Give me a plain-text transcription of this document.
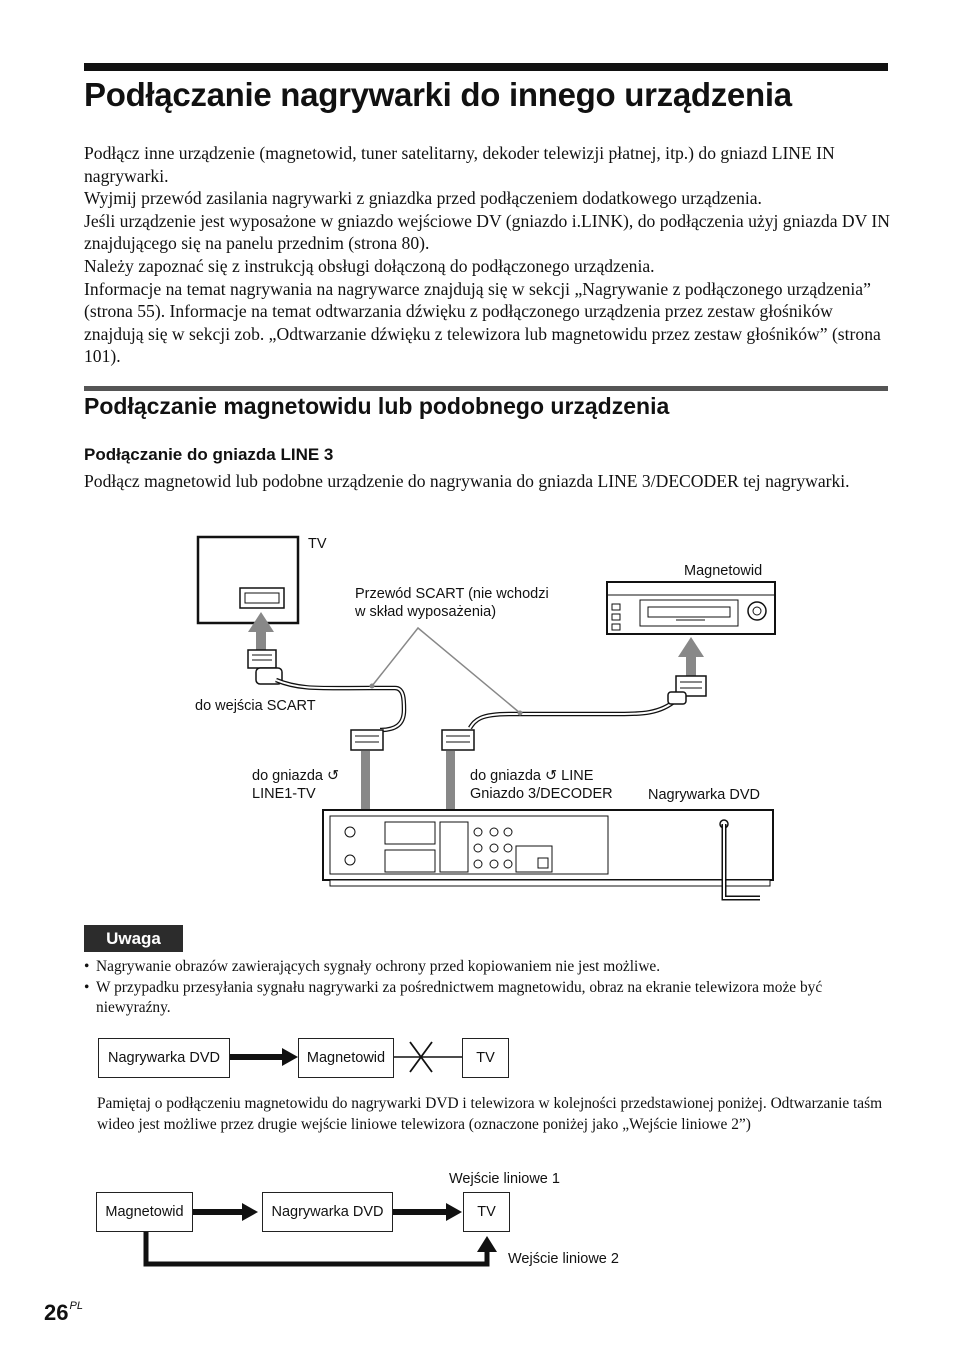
Podłączanie nagrywarki do innego urządzenia

Podłącz inne urządzenie (magnetowid, tuner satelitarny, dekoder telewizji płatnej, itp.) do gniazd LINE IN nagrywarki.

Wyjmij przewód zasilania nagrywarki z gniazdka przed podłączeniem dodatkowego urządzenia.

Jeśli urządzenie jest wyposażone w gniazdo wejściowe DV (gniazdo i.LINK), do podłączenia użyj gniazda DV IN znajdującego się na panelu przednim (strona 80).

Należy zapoznać się z instrukcją obsługi dołączoną do podłączonego urządzenia.

Informacje na temat nagrywania na nagrywarce znajdują się w sekcji „Nagrywanie z podłączonego urządzenia” (strona 55). Informacje na temat odtwarzania dźwięku z podłączonego urządzenia przez zestaw głośników znajdują się w sekcji zob. „Odtwarzanie dźwięku z telewizora lub magnetowidu przez zestaw głośników” (strona 101).

Podłączanie magnetowidu lub podobnego urządzenia
Podłączanie do gniazda LINE 3
Podłącz magnetowid lub podobne urządzenie do nagrywania do gniazda LINE 3/DECODER tej nagrywarki.
TV
Magnetowid
Przewód SCART (nie wchodzi
w skład wyposażenia)
do wejścia SCART
do gniazda ↺
LINE1-TV
do gniazda ↺ LINE
Gniazdo 3/DECODER Nagrywarka DVD
Uwaga
• Nagrywanie obrazów zawierających sygnały ochrony przed kopiowaniem nie jest możliwe.
• W przypadku przesyłania sygnału nagrywarki za pośrednictwem magnetowidu, obraz na ekranie telewizora może być niewyraźny.
Nagrywarka DVD	Magnetowid	TV
Pamiętaj o podłączeniu magnetowidu do nagrywarki DVD i telewizora w kolejności przedstawionej poniżej. Odtwarzanie taśm wideo jest możliwe przez drugie wejście liniowe telewizora (oznaczone poniżej jako „Wejście liniowe 2”)
Wejście liniowe 1
Magnetowid	Nagrywarka DVD	TV
Wejście liniowe 2
$26^{PL}$
